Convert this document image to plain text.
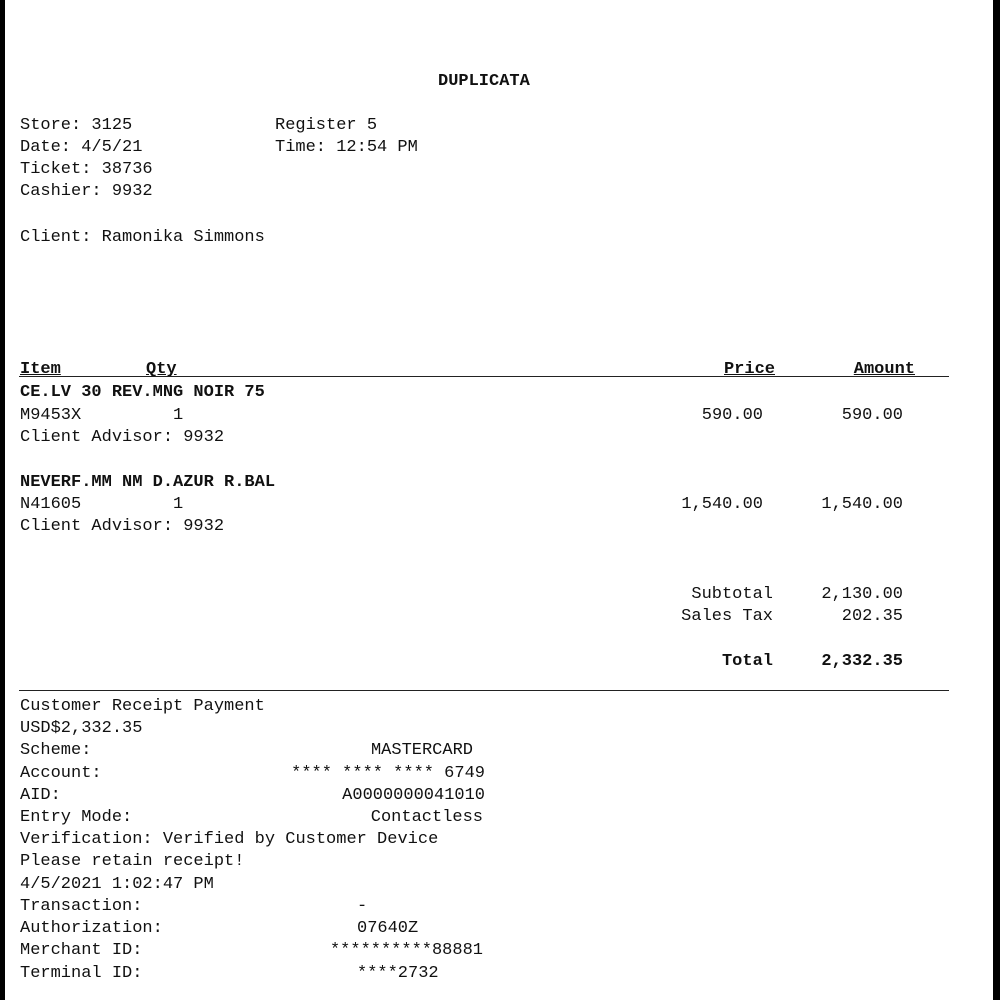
DUPLICATA
Store: 3125	Register 5
Date: 4/5/21	Time: 12:54 PM
Ticket: 38736
Cashier: 9932
Client: Ramonika Simmons
Item	Qty	Price	Amount
CE.LV 30 REV.MNG NOIR 75
M9453X	1	590.00	590.00
Client Advisor: 9932
NEVERF.MM NM D.AZUR R.BAL
N41605	1	1,540.00	1,540.00
Client Advisor: 9932
Subtotal	2,130.00
Sales Tax	202.35
Total	2,332.35
Customer Receipt Payment
USD$2,332.35
Scheme:	MASTERCARD
Account:	**** **** **** 6749
AID:	A0000000041010
Entry Mode:	Contactless
Verification: Verified by Customer Device
Please retain receipt!
4/5/2021 1:02:47 PM
Transaction:	-
Authorization:	07640Z
Merchant ID:	**********88881
Terminal ID:	****2732
